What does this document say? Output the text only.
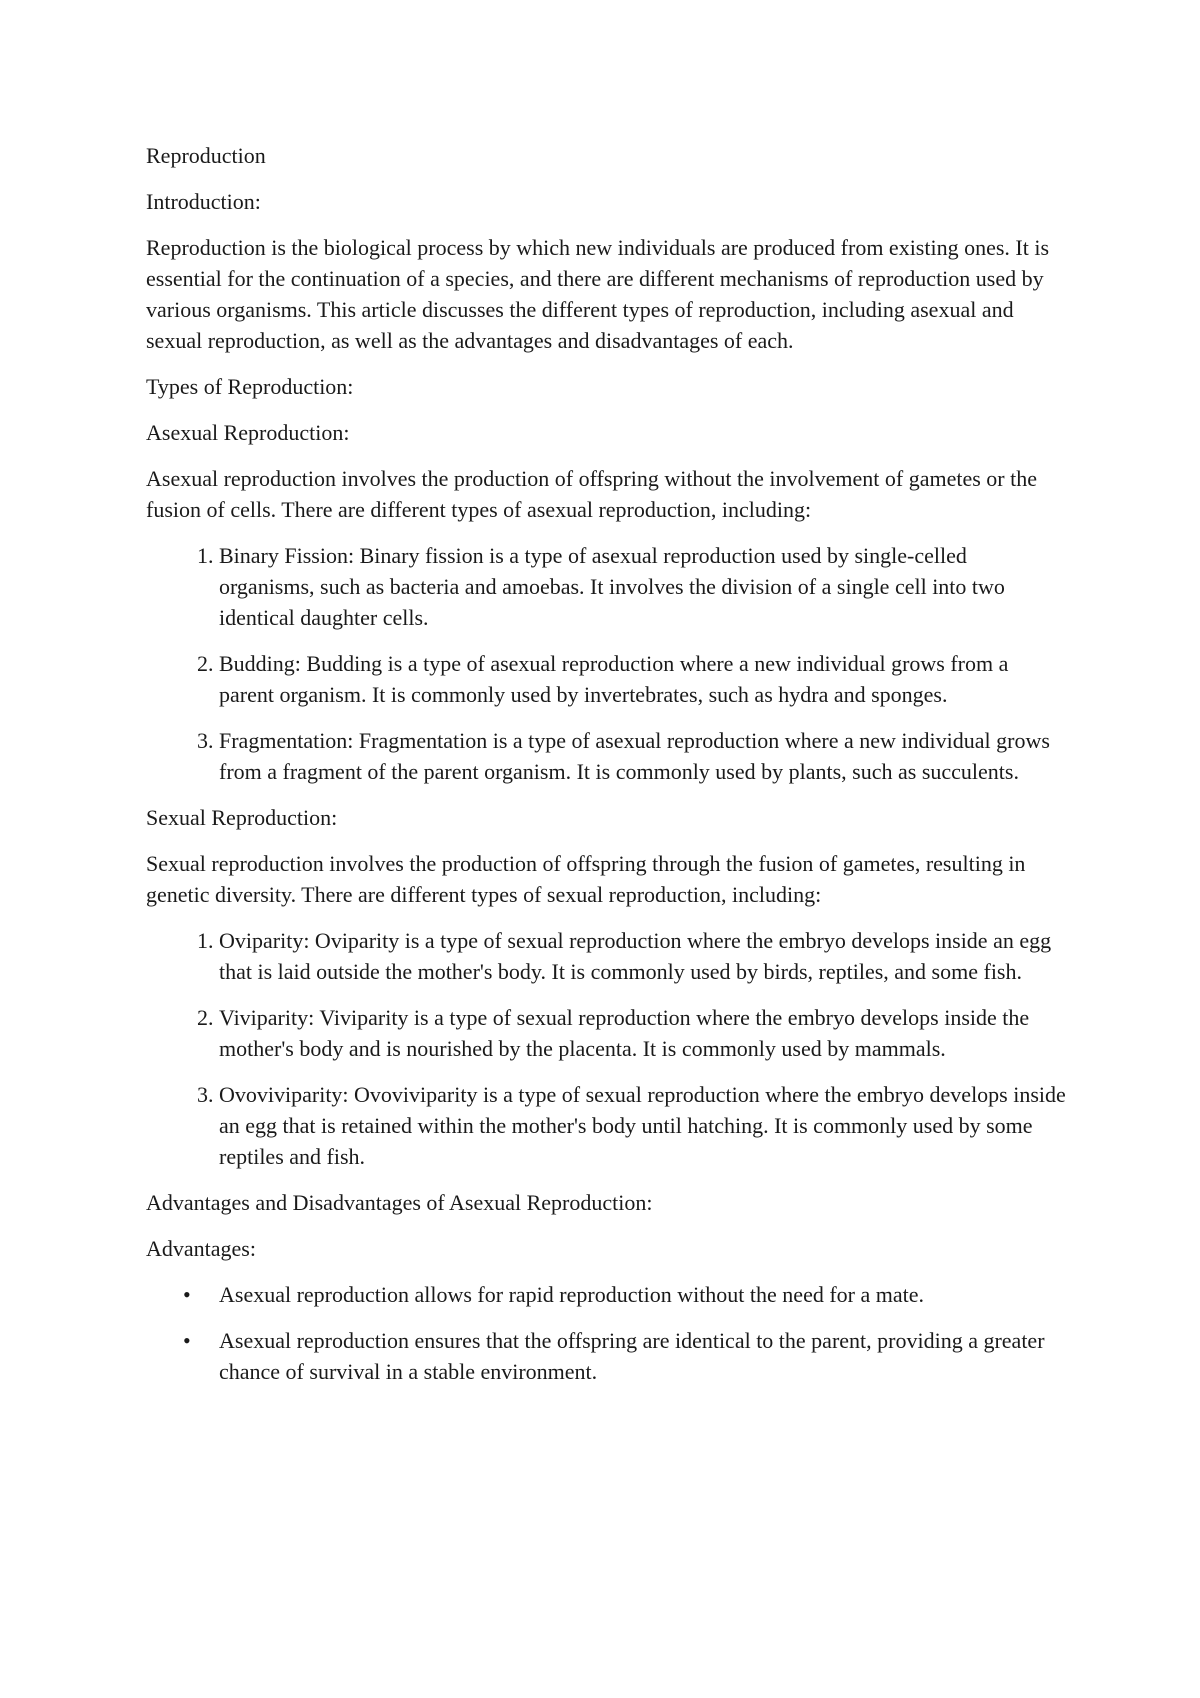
Reproduction

Introduction:

Reproduction is the biological process by which new individuals are produced from existing ones. It is essential for the continuation of a species, and there are different mechanisms of reproduction used by various organisms. This article discusses the different types of reproduction, including asexual and sexual reproduction, as well as the advantages and disadvantages of each.

Types of Reproduction:

Asexual Reproduction:

Asexual reproduction involves the production of offspring without the involvement of gametes or the fusion of cells. There are different types of asexual reproduction, including:

1. Binary Fission: Binary fission is a type of asexual reproduction used by single-celled organisms, such as bacteria and amoebas. It involves the division of a single cell into two identical daughter cells.
2. Budding: Budding is a type of asexual reproduction where a new individual grows from a parent organism. It is commonly used by invertebrates, such as hydra and sponges.
3. Fragmentation: Fragmentation is a type of asexual reproduction where a new individual grows from a fragment of the parent organism. It is commonly used by plants, such as succulents.

Sexual Reproduction:

Sexual reproduction involves the production of offspring through the fusion of gametes, resulting in genetic diversity. There are different types of sexual reproduction, including:

1. Oviparity: Oviparity is a type of sexual reproduction where the embryo develops inside an egg that is laid outside the mother's body. It is commonly used by birds, reptiles, and some fish.
2. Viviparity: Viviparity is a type of sexual reproduction where the embryo develops inside the mother's body and is nourished by the placenta. It is commonly used by mammals.
3. Ovoviviparity: Ovoviviparity is a type of sexual reproduction where the embryo develops inside an egg that is retained within the mother's body until hatching. It is commonly used by some reptiles and fish.

Advantages and Disadvantages of Asexual Reproduction:

Advantages:

• Asexual reproduction allows for rapid reproduction without the need for a mate.
• Asexual reproduction ensures that the offspring are identical to the parent, providing a greater chance of survival in a stable environment.
